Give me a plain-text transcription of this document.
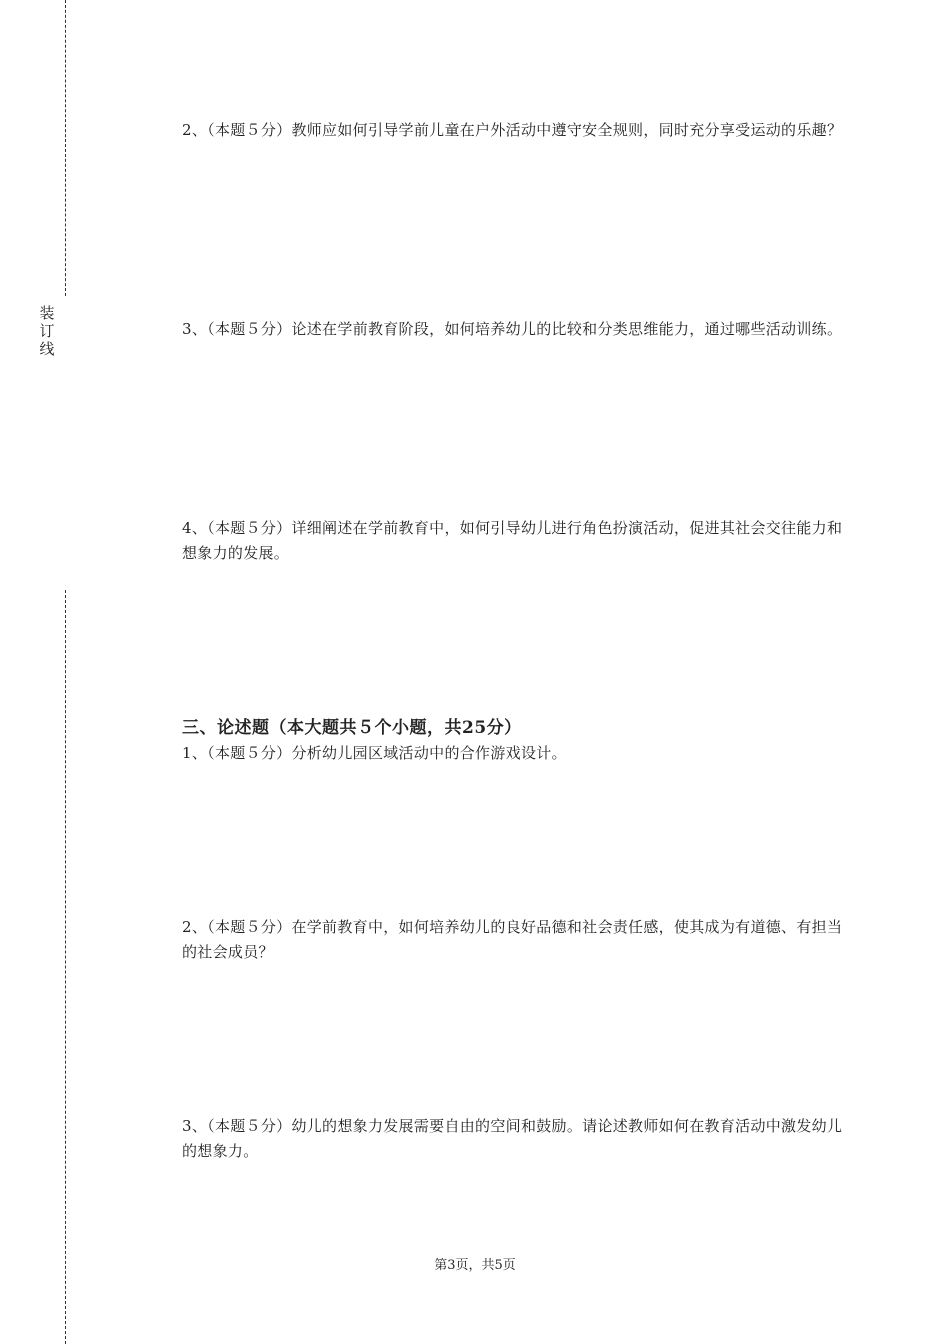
装
订
线
2、（本题５分）教师应如何引导学前儿童在户外活动中遵守安全规则，同时充分享受运动的乐趣？
3、（本题５分）论述在学前教育阶段，如何培养幼儿的比较和分类思维能力，通过哪些活动训练。
4、（本题５分）详细阐述在学前教育中，如何引导幼儿进行角色扮演活动，促进其社会交往能力和想象力的发展。
三、论述题（本大题共５个小题，共25分）
1、（本题５分）分析幼儿园区域活动中的合作游戏设计。
2、（本题５分）在学前教育中，如何培养幼儿的良好品德和社会责任感，使其成为有道德、有担当的社会成员？
3、（本题５分）幼儿的想象力发展需要自由的空间和鼓励。请论述教师如何在教育活动中激发幼儿的想象力。
第3页，共5页
